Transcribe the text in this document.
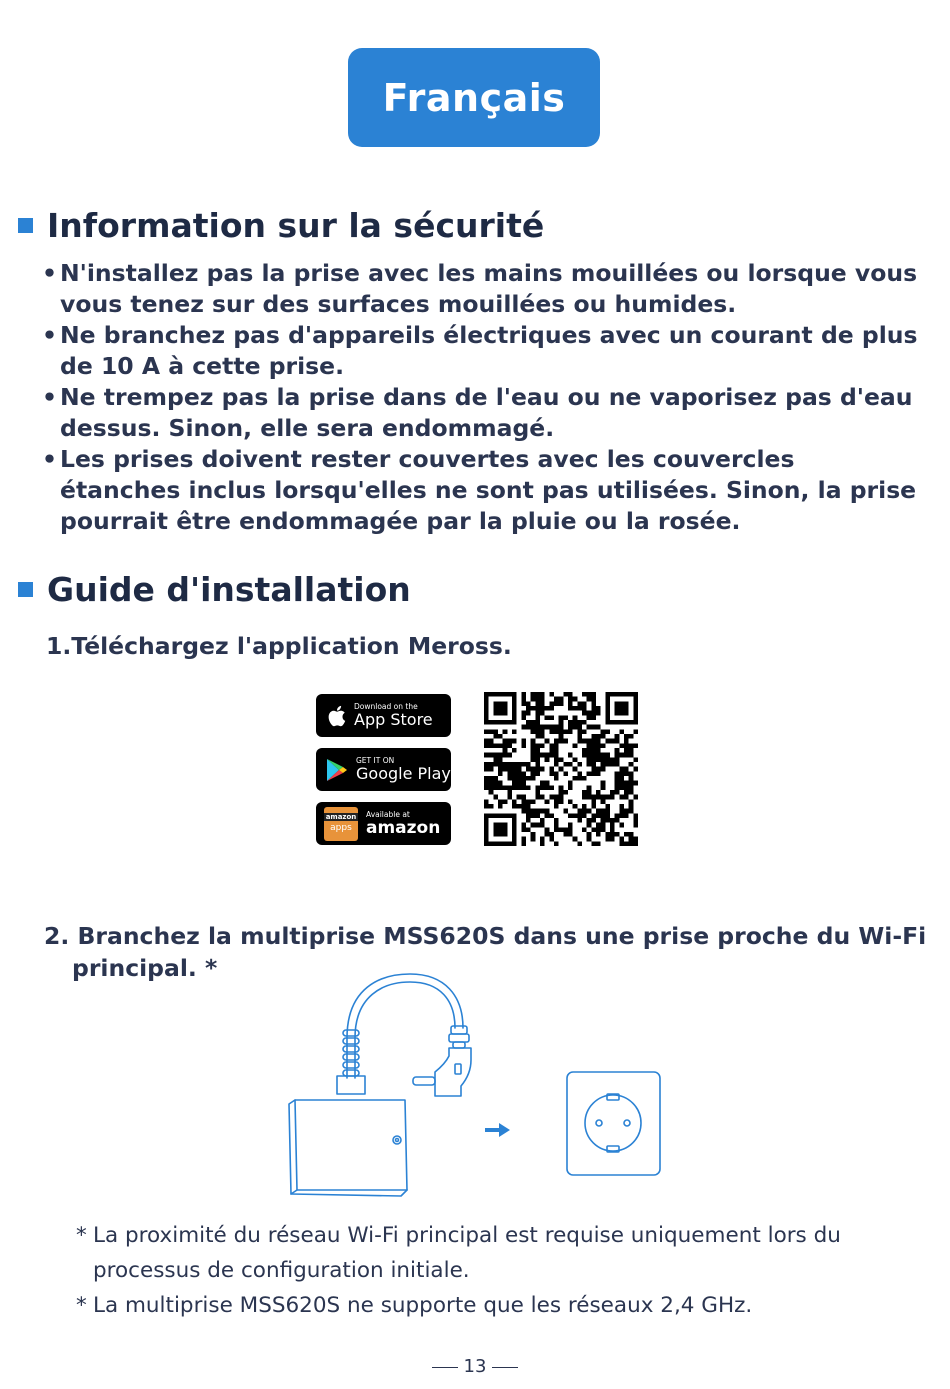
Français
Information sur la sécurité
• N'installez pas la prise avec les mains mouillées ou lorsque vous vous tenez sur des surfaces mouillées ou humides.
• Ne branchez pas d'appareils électriques avec un courant de plus de 10 A à cette prise.
• Ne trempez pas la prise dans de l'eau ou ne vaporisez pas d'eau dessus. Sinon, elle sera endommagé.
• Les prises doivent rester couvertes avec les couvercles étanches inclus lorsqu'elles ne sont pas utilisées. Sinon, la prise pourrait être endommagée par la pluie ou la rosée.
Guide d'installation
1.Téléchargez l'application Meross.
Download on the
App Store
GET IT ON
Google Play
amazon
apps
Available at
amazon
2. Branchez la multiprise MSS620S dans une prise proche du Wi-Fi
principal. *
* La proximité du réseau Wi-Fi principal est requise uniquement lors du processus de configuration initiale.
* La multiprise MSS620S ne supporte que les réseaux 2,4 GHz.
13
